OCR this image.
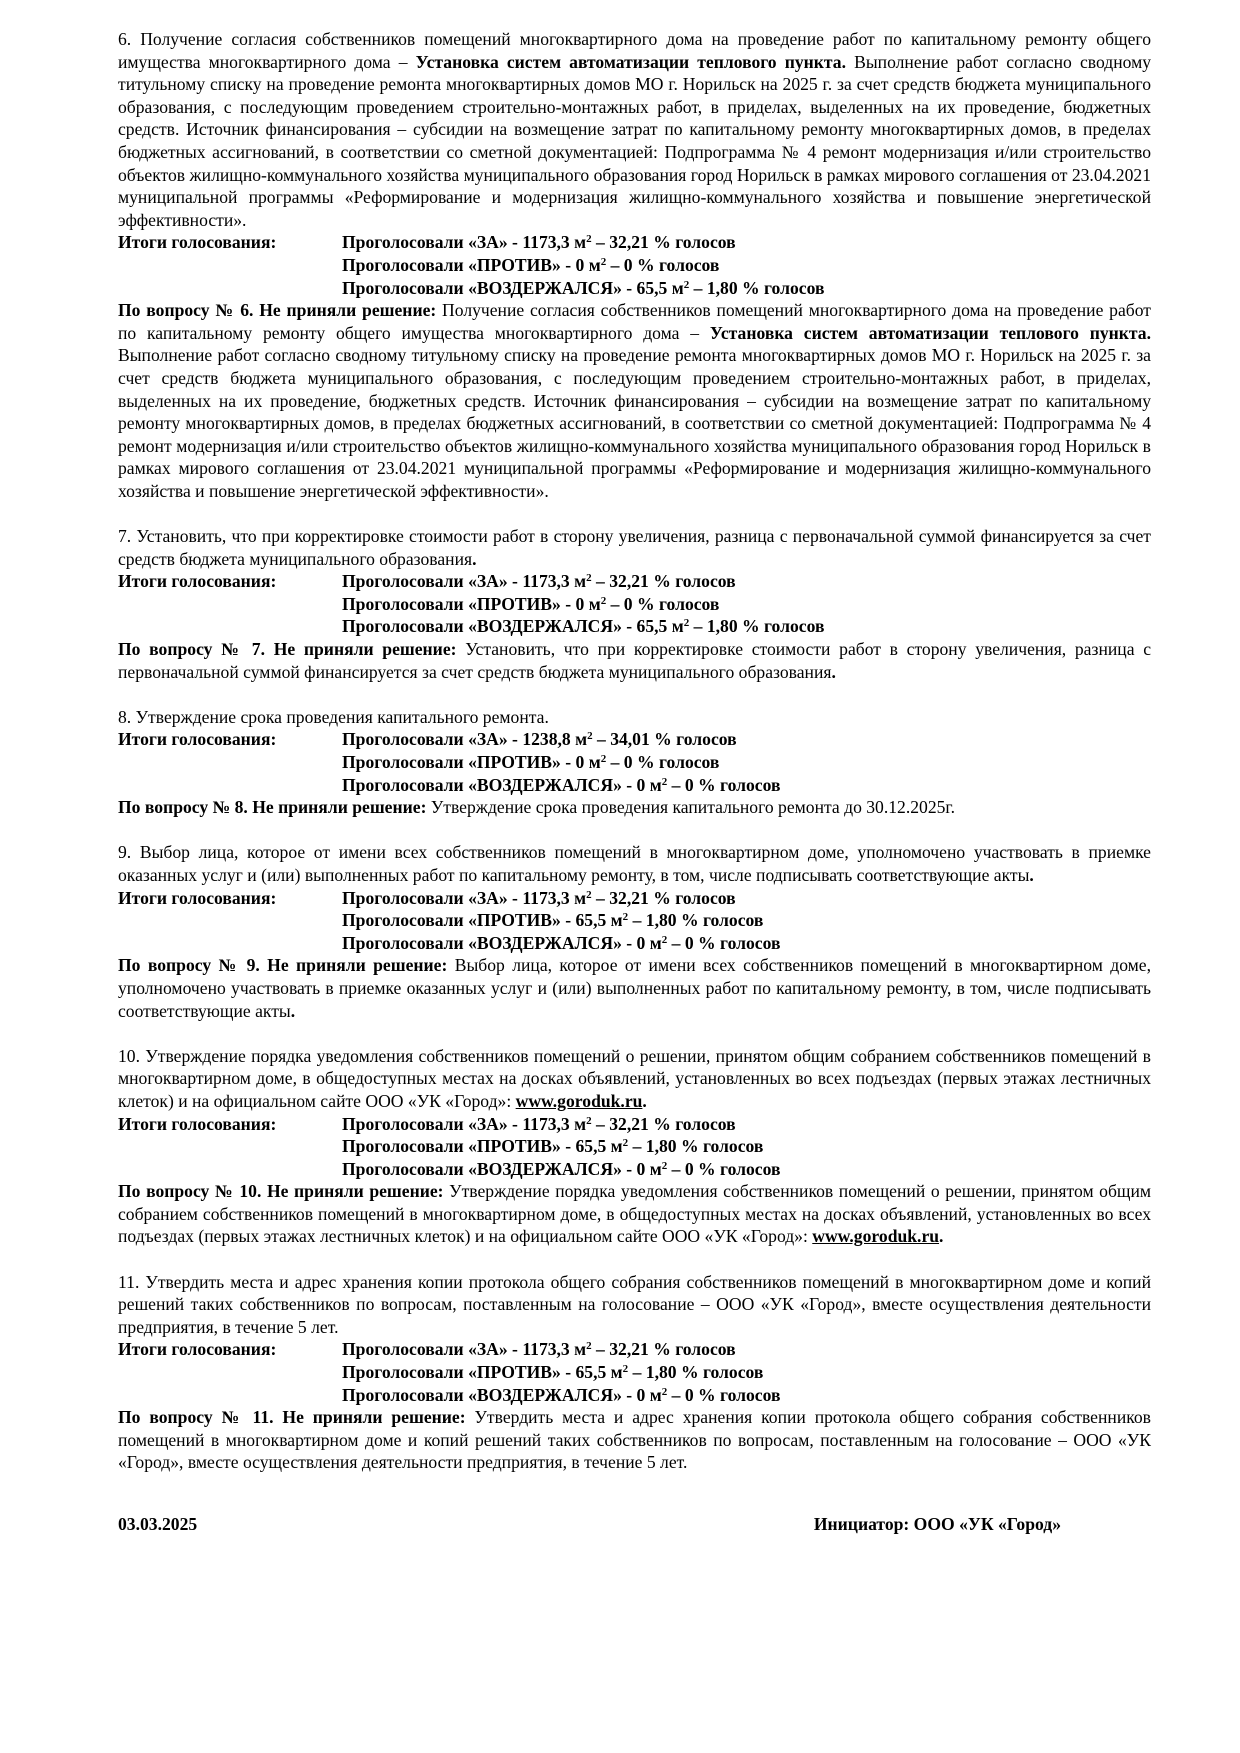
6. Получение согласия собственников помещений многоквартирного дома на проведение работ по капитальному ремонту общего имущества многоквартирного дома – Установка систем автоматизации теплового пункта. Выполнение работ согласно сводному титульному списку на проведение ремонта многоквартирных домов МО г. Норильск на 2025 г. за счет средств бюджета муниципального образования, с последующим проведением строительно-монтажных работ, в приделах, выделенных на их проведение, бюджетных средств. Источник финансирования – субсидии на возмещение затрат по капитальному ремонту многоквартирных домов, в пределах бюджетных ассигнований, в соответствии со сметной документацией: Подпрограмма № 4 ремонт модернизация и/или строительство объектов жилищно-коммунального хозяйства муниципального образования город Норильск в рамках мирового соглашения от 23.04.2021 муниципальной программы «Реформирование и модернизация жилищно-коммунального хозяйства и повышение энергетической эффективности».

Итоги голосования:	Проголосовали «ЗА» - 1173,3 $м^2 - 32,21$ % голосов
Проголосовали «ПРОТИВ» - 0 $м^2 - 0$ % голосов
Проголосовали «ВОЗДЕРЖАЛСЯ» - 65,5 $м^2 - 1,80$ % голосов

По вопросу № 6. Не приняли решение: Получение согласия собственников помещений многоквартирного дома на проведение работ по капитальному ремонту общего имущества многоквартирного дома – Установка систем автоматизации теплового пункта. Выполнение работ согласно сводному титульному списку на проведение ремонта многоквартирных домов МО г. Норильск на 2025 г. за счет средств бюджета муниципального образования, с последующим проведением строительно-монтажных работ, в приделах, выделенных на их проведение, бюджетных средств. Источник финансирования – субсидии на возмещение затрат по капитальному ремонту многоквартирных домов, в пределах бюджетных ассигнований, в соответствии со сметной документацией: Подпрограмма № 4 ремонт модернизация и/или строительство объектов жилищно-коммунального хозяйства муниципального образования город Норильск в рамках мирового соглашения от 23.04.2021 муниципальной программы «Реформирование и модернизация жилищно-коммунального хозяйства и повышение энергетической эффективности».

7. Установить, что при корректировке стоимости работ в сторону увеличения, разница с первоначальной суммой финансируется за счет средств бюджета муниципального образования.

Итоги голосования:	Проголосовали «ЗА» - 1173,3 $м^2 - 32,21$ % голосов
Проголосовали «ПРОТИВ» - 0 $м^2 - 0$ % голосов
Проголосовали «ВОЗДЕРЖАЛСЯ» - 65,5 $м^2 - 1,80$ % голосов

По вопросу № 7. Не приняли решение: Установить, что при корректировке стоимости работ в сторону увеличения, разница с первоначальной суммой финансируется за счет средств бюджета муниципального образования.

8. Утверждение срока проведения капитального ремонта.

Итоги голосования:	Проголосовали «ЗА» - 1238,8 $м^2 - 34,01$ % голосов
Проголосовали «ПРОТИВ» - 0 $м^2 - 0$ % голосов
Проголосовали «ВОЗДЕРЖАЛСЯ» - 0 $м^2 - 0$ % голосов

По вопросу № 8. Не приняли решение: Утверждение срока проведения капитального ремонта до 30.12.2025г.

9. Выбор лица, которое от имени всех собственников помещений в многоквартирном доме, уполномочено участвовать в приемке оказанных услуг и (или) выполненных работ по капитальному ремонту, в том, числе подписывать соответствующие акты.

Итоги голосования:	Проголосовали «ЗА» - 1173,3 $м^2 - 32,21$ % голосов
Проголосовали «ПРОТИВ» - 65,5 $м^2 - 1,80$ % голосов
Проголосовали «ВОЗДЕРЖАЛСЯ» - 0 $м^2 - 0$ % голосов

По вопросу № 9. Не приняли решение: Выбор лица, которое от имени всех собственников помещений в многоквартирном доме, уполномочено участвовать в приемке оказанных услуг и (или) выполненных работ по капитальному ремонту, в том, числе подписывать соответствующие акты.

10. Утверждение порядка уведомления собственников помещений о решении, принятом общим собранием собственников помещений в многоквартирном доме, в общедоступных местах на досках объявлений, установленных во всех подъездах (первых этажах лестничных клеток) и на официальном сайте ООО «УК «Город»: www.goroduk.ru.

Итоги голосования:	Проголосовали «ЗА» - 1173,3 $м^2 - 32,21$ % голосов
Проголосовали «ПРОТИВ» - 65,5 $м^2 - 1,80$ % голосов
Проголосовали «ВОЗДЕРЖАЛСЯ» - 0 $м^2 - 0$ % голосов

По вопросу № 10. Не приняли решение: Утверждение порядка уведомления собственников помещений о решении, принятом общим собранием собственников помещений в многоквартирном доме, в общедоступных местах на досках объявлений, установленных во всех подъездах (первых этажах лестничных клеток) и на официальном сайте ООО «УК «Город»: www.goroduk.ru.

11. Утвердить места и адрес хранения копии протокола общего собрания собственников помещений в многоквартирном доме и копий решений таких собственников по вопросам, поставленным на голосование – ООО «УК «Город», вместе осуществления деятельности предприятия, в течение 5 лет.

Итоги голосования:	Проголосовали «ЗА» - 1173,3 $м^2 - 32,21$ % голосов
Проголосовали «ПРОТИВ» - 65,5 $м^2 - 1,80$ % голосов
Проголосовали «ВОЗДЕРЖАЛСЯ» - 0 $м^2 - 0$ % голосов

По вопросу № 11. Не приняли решение: Утвердить места и адрес хранения копии протокола общего собрания собственников помещений в многоквартирном доме и копий решений таких собственников по вопросам, поставленным на голосование – ООО «УК «Город», вместе осуществления деятельности предприятия, в течение 5 лет.

03.03.2025	Инициатор: ООО «УК «Город»
